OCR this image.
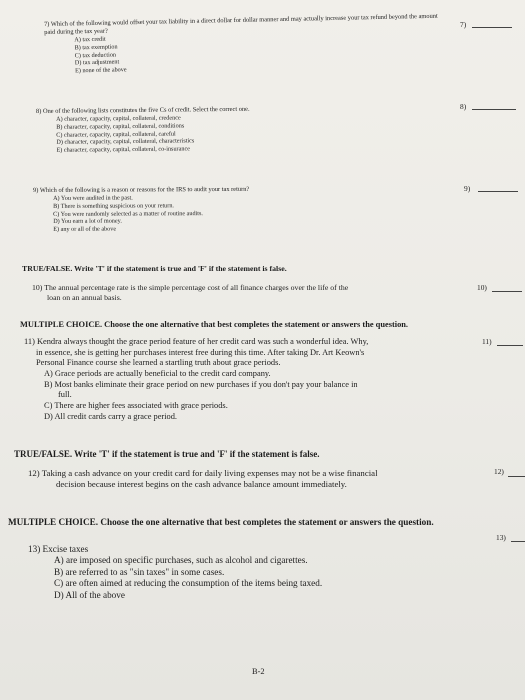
7) Which of the following would offset your tax liability in a direct dollar for dollar manner and may actually increase your tax refund beyond the amount paid during the tax year?
A) tax credit
B) tax exemption
C) tax deduction
D) tax adjustment
E) none of the above
7)
8) One of the following lists constitutes the five Cs of credit. Select the correct one.
A) character, capacity, capital, collateral, credence
B) character, capacity, capital, collateral, conditions
C) character, capacity, capital, collateral, careful
D) character, capacity, capital, collateral, characteristics
E) character, capacity, capital, collateral, co-insurance
8)
9) Which of the following is a reason or reasons for the IRS to audit your tax return?
A) You were audited in the past.
B) There is something suspicious on your return.
C) You were randomly selected as a matter of routine audits.
D) You earn a lot of money.
E) any or all of the above
9)
TRUE/FALSE. Write 'T' if the statement is true and 'F' if the statement is false.
10) The annual percentage rate is the simple percentage cost of all finance charges over the life of the
loan on an annual basis.
10)
MULTIPLE CHOICE. Choose the one alternative that best completes the statement or answers the question.
11) Kendra always thought the grace period feature of her credit card was such a wonderful idea. Why,
in essence, she is getting her purchases interest free during this time. After taking Dr. Art Keown's
Personal Finance course she learned a startling truth about grace periods.
A) Grace periods are actually beneficial to the credit card company.
B) Most banks eliminate their grace period on new purchases if you don't pay your balance in
full.
C) There are higher fees associated with grace periods.
D) All credit cards carry a grace period.
11)
TRUE/FALSE. Write 'T' if the statement is true and 'F' if the statement is false.
12) Taking a cash advance on your credit card for daily living expenses may not be a wise financial
decision because interest begins on the cash advance balance amount immediately.
12)
MULTIPLE CHOICE. Choose the one alternative that best completes the statement or answers the question.
13) Excise taxes
A) are imposed on specific purchases, such as alcohol and cigarettes.
B) are referred to as "sin taxes" in some cases.
C) are often aimed at reducing the consumption of the items being taxed.
D) All of the above
13)
B-2
